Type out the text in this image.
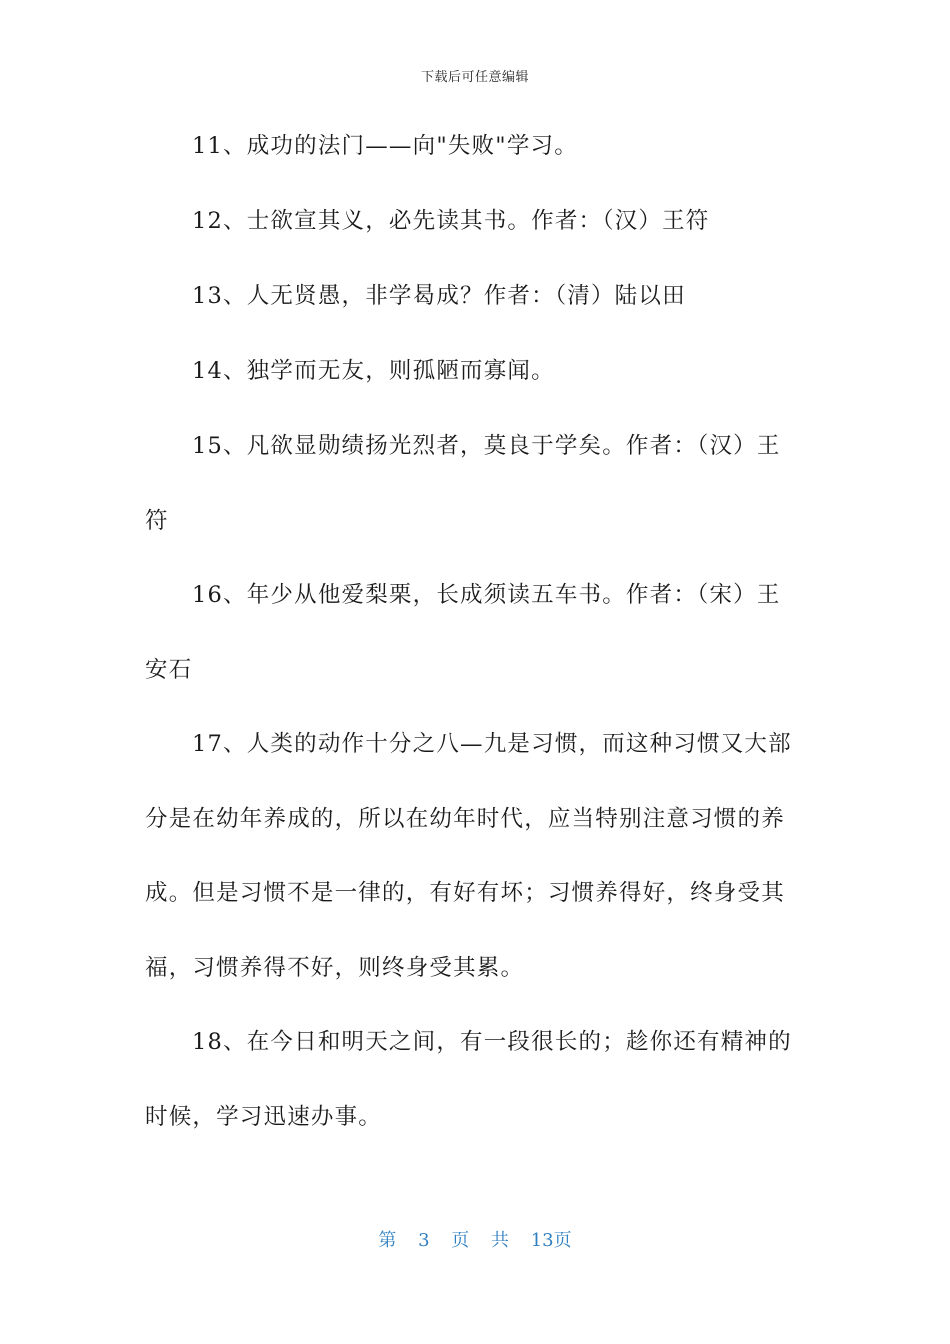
下载后可任意编辑
11、成功的法门——向"失败"学习。
12、士欲宣其义，必先读其书。作者：（汉）王符
13、人无贤愚，非学曷成？作者：（清）陆以田
14、独学而无友，则孤陋而寡闻。
15、凡欲显勋绩扬光烈者，莫良于学矣。作者：（汉）王
符
16、年少从他爱梨栗，长成须读五车书。作者：（宋）王
安石
17、人类的动作十分之八—九是习惯，而这种习惯又大部
分是在幼年养成的，所以在幼年时代，应当特别注意习惯的养
成。但是习惯不是一律的，有好有坏；习惯养得好，终身受其
福，习惯养得不好，则终身受其累。
18、在今日和明天之间，有一段很长的；趁你还有精神的
时候，学习迅速办事。
第 3 页 共 13页
